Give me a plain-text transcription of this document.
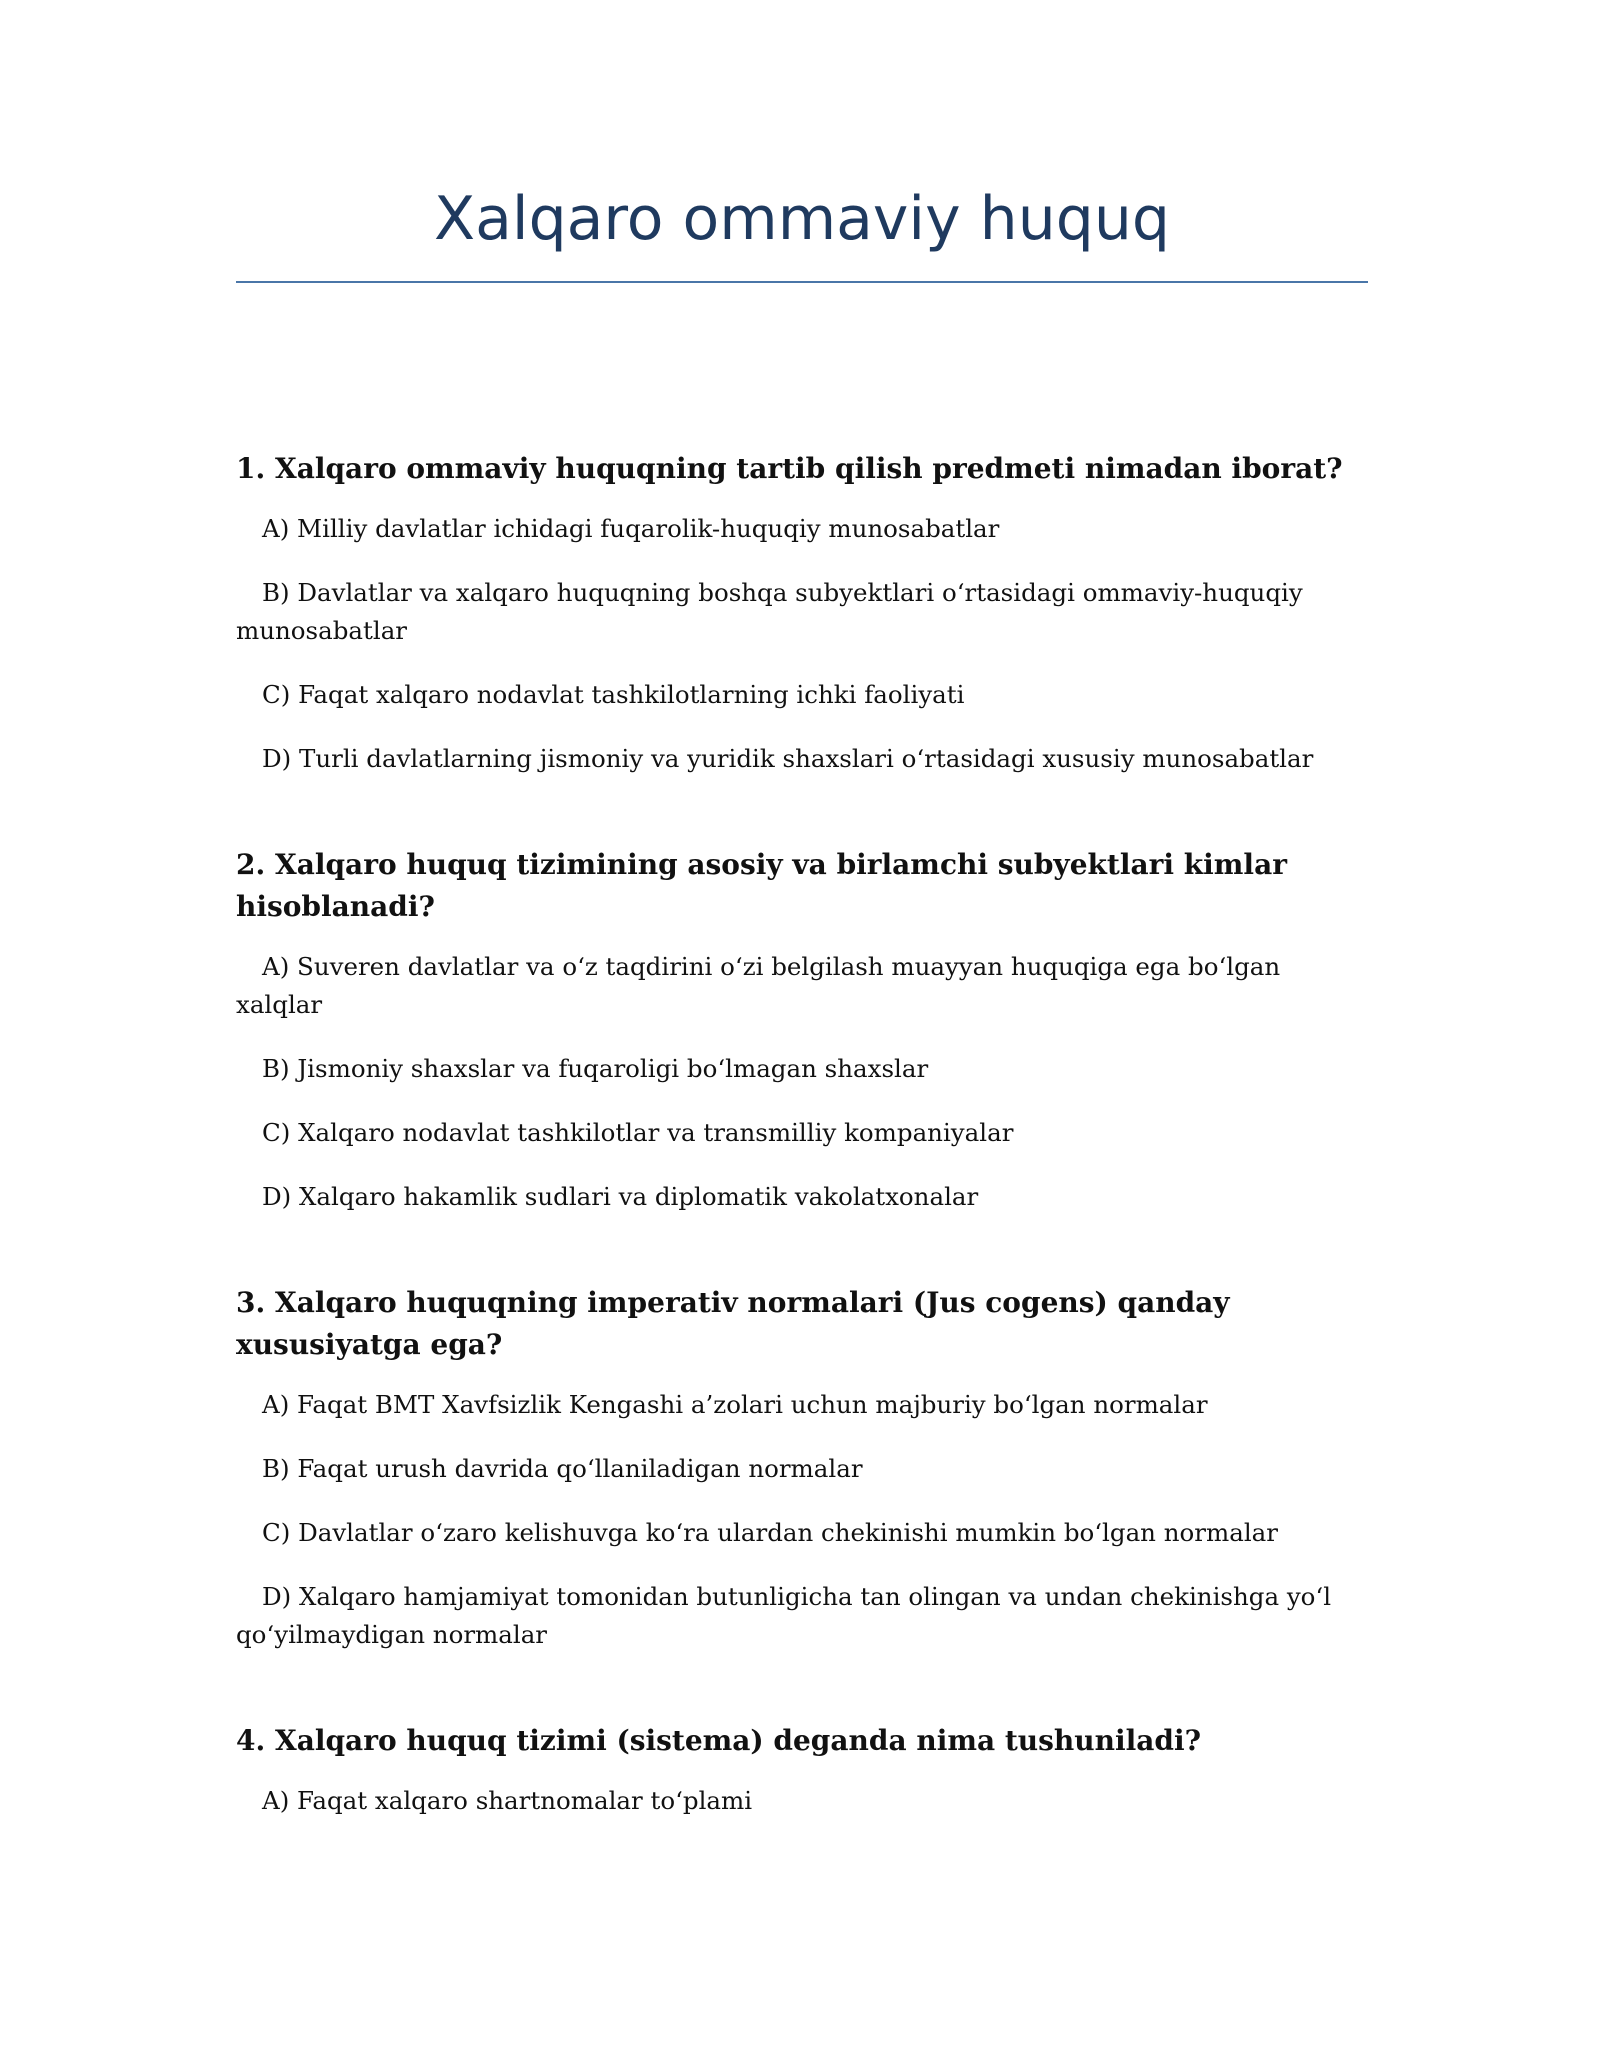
Xalqaro ommaviy huquq

1. Xalqaro ommaviy huquqning tartib qilish predmeti nimadan iborat?

A) Milliy davlatlar ichidagi fuqarolik-huquqiy munosabatlar

B) Davlatlar va xalqaro huquqning boshqa subyektlari o‘rtasidagi ommaviy-huquqiy munosabatlar

C) Faqat xalqaro nodavlat tashkilotlarning ichki faoliyati

D) Turli davlatlarning jismoniy va yuridik shaxslari o‘rtasidagi xususiy munosabatlar

2. Xalqaro huquq tizimining asosiy va birlamchi subyektlari kimlar hisoblanadi?

A) Suveren davlatlar va o‘z taqdirini o‘zi belgilash muayyan huquqiga ega bo‘lgan xalqlar

B) Jismoniy shaxslar va fuqaroligi bo‘lmagan shaxslar

C) Xalqaro nodavlat tashkilotlar va transmilliy kompaniyalar

D) Xalqaro hakamlik sudlari va diplomatik vakolatxonalar

3. Xalqaro huquqning imperativ normalari (Jus cogens) qanday xususiyatga ega?

A) Faqat BMT Xavfsizlik Kengashi a’zolari uchun majburiy bo‘lgan normalar

B) Faqat urush davrida qo‘llaniladigan normalar

C) Davlatlar o‘zaro kelishuvga ko‘ra ulardan chekinishi mumkin bo‘lgan normalar

D) Xalqaro hamjamiyat tomonidan butunligicha tan olingan va undan chekinishga yo‘l qo‘yilmaydigan normalar

4. Xalqaro huquq tizimi (sistema) deganda nima tushuniladi?

A) Faqat xalqaro shartnomalar to‘plami
